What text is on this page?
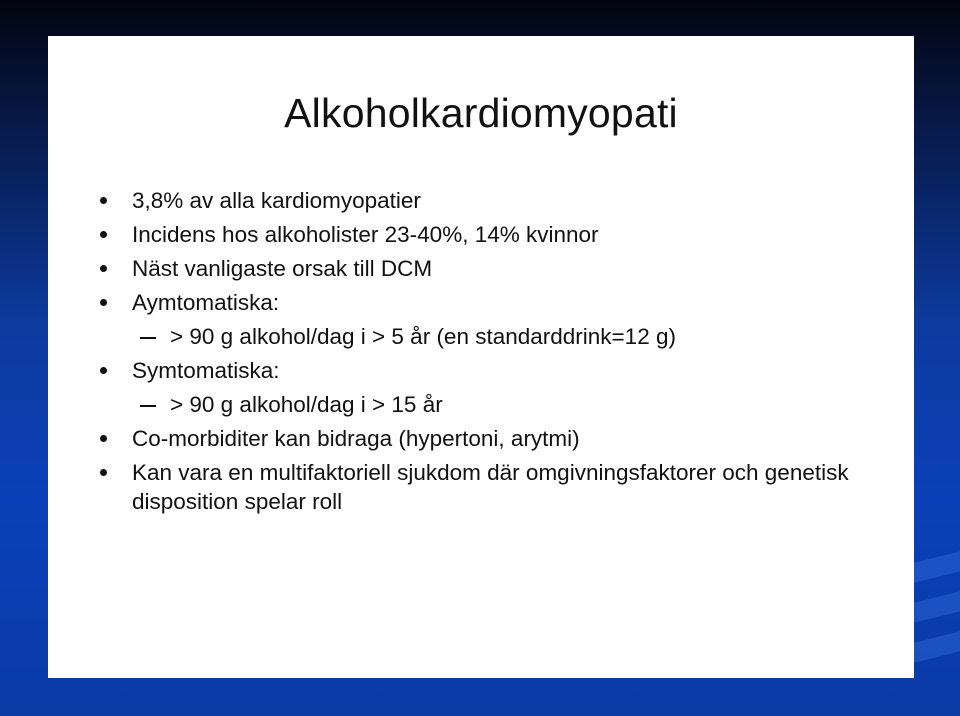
Alkoholkardiomyopati
3,8% av alla kardiomyopatier
Incidens hos alkoholister 23-40%, 14% kvinnor
Näst vanligaste orsak till DCM
Aymtomatiska:
> 90 g alkohol/dag i > 5 år (en standarddrink=12 g)
Symtomatiska:
> 90 g alkohol/dag i > 15 år
Co-morbiditer kan bidraga (hypertoni, arytmi)
Kan vara en multifaktoriell sjukdom där omgivningsfaktorer och genetisk disposition spelar roll
